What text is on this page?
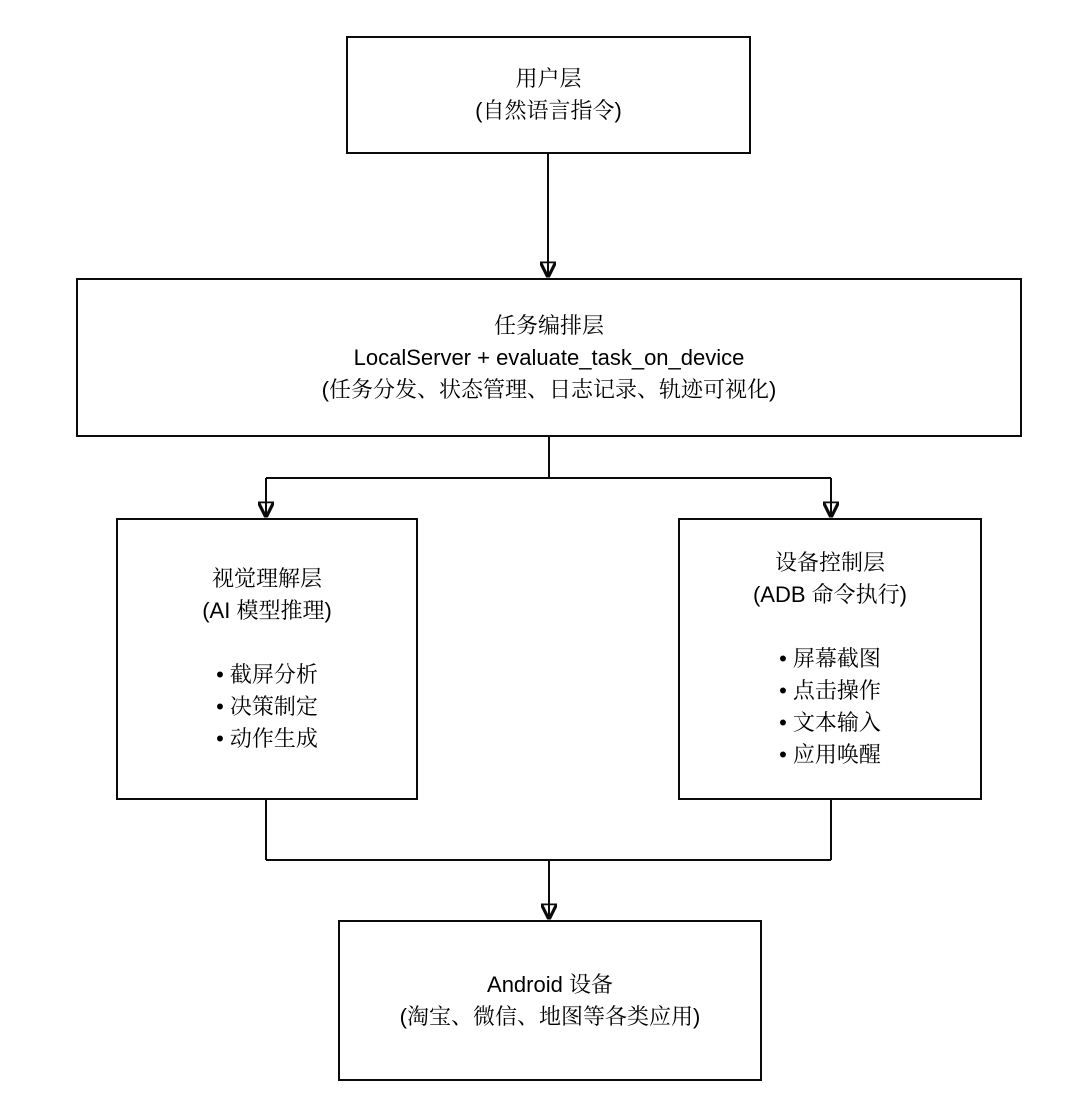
用户层
(自然语言指令)
任务编排层
LocalServer + evaluate_task_on_device
(任务分发、状态管理、日志记录、轨迹可视化)
视觉理解层
(AI 模型推理)
• 截屏分析
• 决策制定
• 动作生成
设备控制层
(ADB 命令执行)
• 屏幕截图
• 点击操作
• 文本输入
• 应用唤醒
Android 设备
(淘宝、微信、地图等各类应用)
